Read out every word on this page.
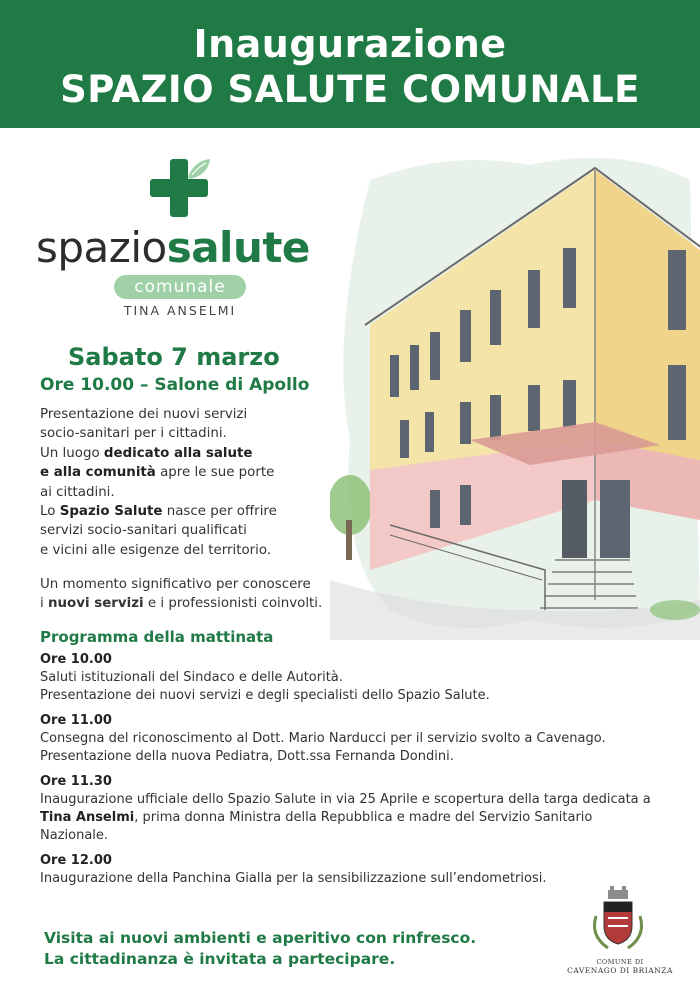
Inaugurazione
SPAZIO SALUTE COMUNALE
spaziosalute
comunale
TINA ANSELMI
Sabato 7 marzo
Ore 10.00 – Salone di Apollo
Presentazione dei nuovi servizi
socio-sanitari per i cittadini.
Un luogo dedicato alla salute
e alla comunità apre le sue porte
ai cittadini.
Lo Spazio Salute nasce per offrire
servizi socio-sanitari qualificati
e vicini alle esigenze del territorio.
Un momento significativo per conoscere
i nuovi servizi e i professionisti coinvolti.
Programma della mattinata
Ore 10.00
Saluti istituzionali del Sindaco e delle Autorità.
Presentazione dei nuovi servizi e degli specialisti dello Spazio Salute.
Ore 11.00
Consegna del riconoscimento al Dott. Mario Narducci per il servizio svolto a Cavenago.
Presentazione della nuova Pediatra, Dott.ssa Fernanda Dondini.
Ore 11.30
Inaugurazione ufficiale dello Spazio Salute in via 25 Aprile e scopertura della targa dedicata a
Tina Anselmi, prima donna Ministra della Repubblica e madre del Servizio Sanitario Nazionale.
Ore 12.00
Inaugurazione della Panchina Gialla per la sensibilizzazione sull’endometriosi.
Visita ai nuovi ambienti e aperitivo con rinfresco.
La cittadinanza è invitata a partecipare.	COMUNE DI
CAVENAGO DI BRIANZA
